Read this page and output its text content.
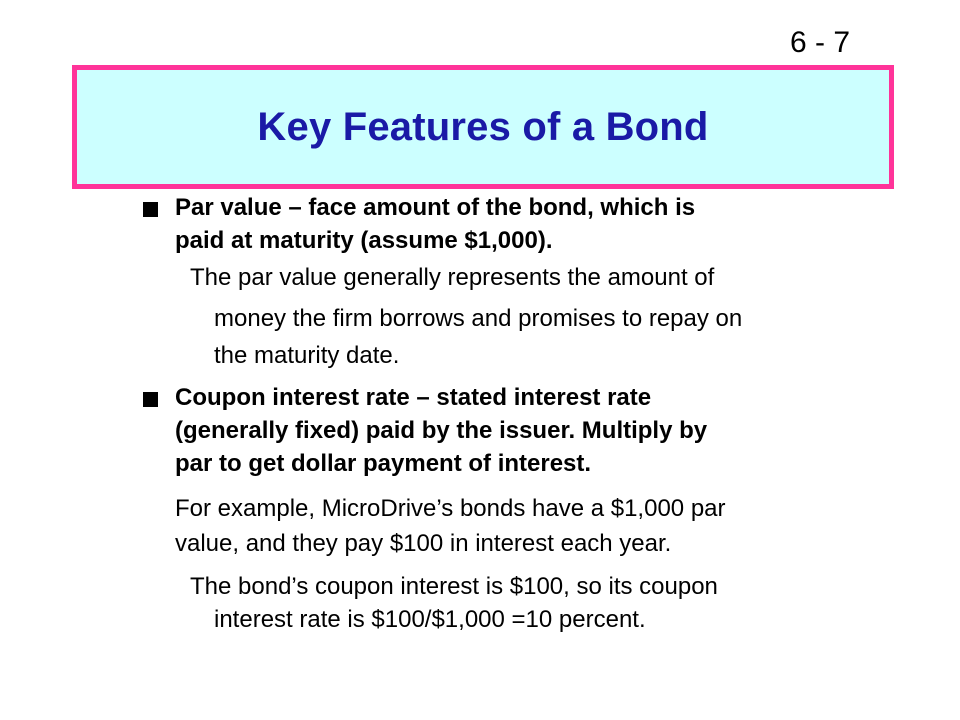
6 - 7
Key Features of a Bond
Par value – face amount of the bond, which is
paid at maturity (assume $1,000).
The par value generally represents the amount of
money the firm borrows and promises to repay on
the maturity date.
Coupon interest rate – stated interest rate
(generally fixed) paid by the issuer. Multiply by
par to get dollar payment of interest.
For example, MicroDrive’s bonds have a $1,000 par
value, and they pay $100 in interest each year.
The bond’s coupon interest is $100, so its coupon
interest rate is $100/$1,000 =10 percent.
